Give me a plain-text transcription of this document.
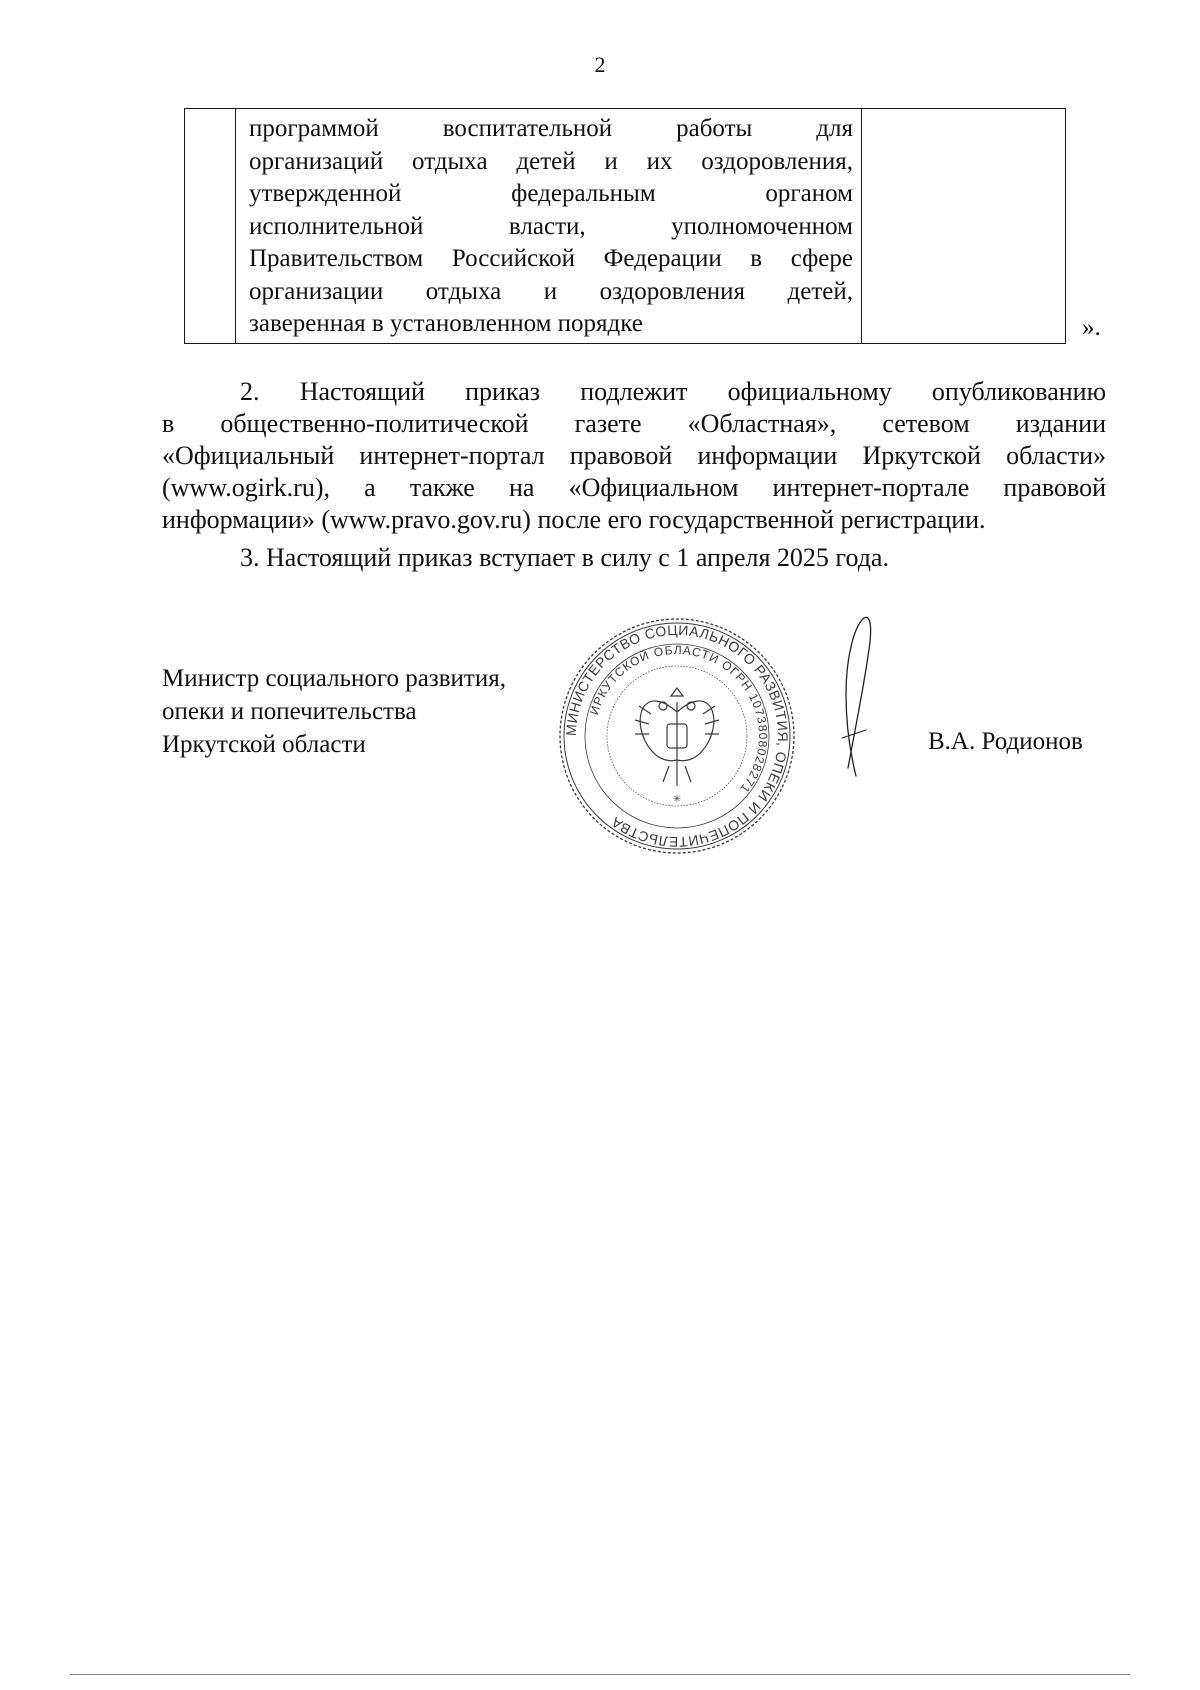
2

программой воспитательной работы для
организаций отдыха детей и их оздоровления,
утвержденной федеральным органом
исполнительной власти, уполномоченном
Правительством Российской Федерации в сфере
организации отдыха и оздоровления детей,
заверенная в установленном порядке	».

2. Настоящий приказ подлежит официальному опубликованию
в общественно-политической газете «Областная», сетевом издании
«Официальный интернет-портал правовой информации Иркутской области»
(www.ogirk.ru), а также на «Официальном интернет-портале правовой
информации» (www.pravo.gov.ru) после его государственной регистрации.

3. Настоящий приказ вступает в силу с 1 апреля 2025 года.

Министр социального развития,
опеки и попечительства
Иркутской области
МИНИСТЕРСТВО СОЦИАЛЬНОГО РАЗВИТИЯ, ОПЕКИ И ПОПЕЧИТЕЛЬСТВА
ИРКУТСКОЙ ОБЛАСТИ ОГРН 1073808028271
✳
В.А. Родионов
